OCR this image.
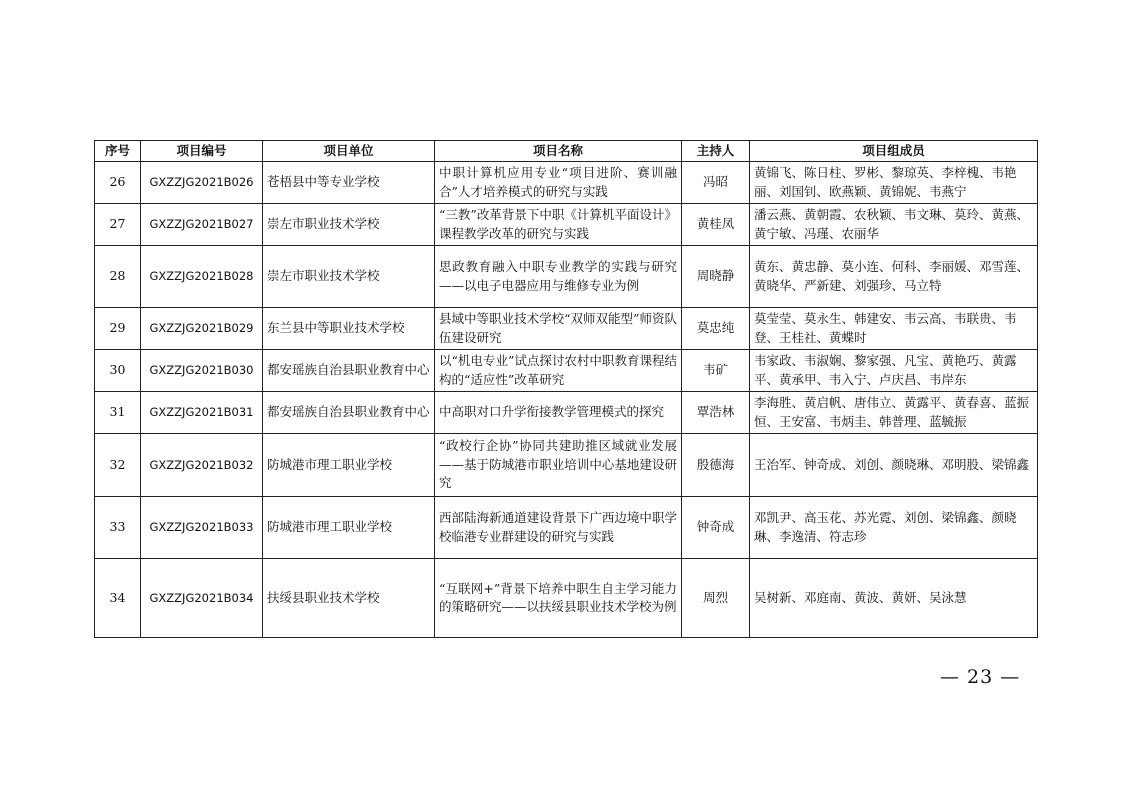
序号	项目编号	项目单位	项目名称	主持人	项目组成员
26	GXZZJG2021B026	苍梧县中等专业学校	中职计算机应用专业“项目进阶、赛训融合”人才培养模式的研究与实践	冯昭	黄锦飞、陈日柱、罗彬、黎琼英、李梓槐、韦艳丽、刘国钊、欧燕颖、黄锦妮、韦燕宁
27	GXZZJG2021B027	崇左市职业技术学校	“三教”改革背景下中职《计算机平面设计》课程教学改革的研究与实践	黄桂凤	潘云燕、黄朝霞、农秋颖、韦文琳、莫玲、黄燕、黄宁敏、冯瑾、农丽华
28	GXZZJG2021B028	崇左市职业技术学校	思政教育融入中职专业教学的实践与研究——以电子电器应用与维修专业为例	周晓静	黄东、黄忠静、莫小连、何科、李丽媛、邓雪莲、黄晓华、严新建、刘强珍、马立特
29	GXZZJG2021B029	东兰县中等职业技术学校	县域中等职业技术学校“双师双能型”师资队伍建设研究	莫忠纯	莫莹莹、莫永生、韩建安、韦云高、韦联贵、韦登、王桂社、黄蝶时
30	GXZZJG2021B030	都安瑶族自治县职业教育中心	以“机电专业”试点探讨农村中职教育课程结构的“适应性”改革研究	韦矿	韦家政、韦淑娴、黎家强、凡宝、黄艳巧、黄露平、黄承甲、韦入宁、卢庆昌、韦岸东
31	GXZZJG2021B031	都安瑶族自治县职业教育中心	中高职对口升学衔接教学管理模式的探究	覃浩林	李海胜、黄启帆、唐伟立、黄露平、黄春喜、蓝振恒、王安富、韦炳圭、韩普理、蓝毓振
32	GXZZJG2021B032	防城港市理工职业学校	“政校行企协”协同共建助推区域就业发展——基于防城港市职业培训中心基地建设研究	殷德海	王治军、钟奇成、刘创、颜晓琳、邓明股、梁锦鑫
33	GXZZJG2021B033	防城港市理工职业学校	西部陆海新通道建设背景下广西边境中职学校临港专业群建设的研究与实践	钟奇成	邓凯尹、高玉花、苏光霓、刘创、梁锦鑫、颜晓琳、李逸清、符志珍
34	GXZZJG2021B034	扶绥县职业技术学校	“互联网+”背景下培养中职生自主学习能力的策略研究——以扶绥县职业技术学校为例	周烈	吴树新、邓庭南、黄波、黄妍、吴泳慧
— 23 —
